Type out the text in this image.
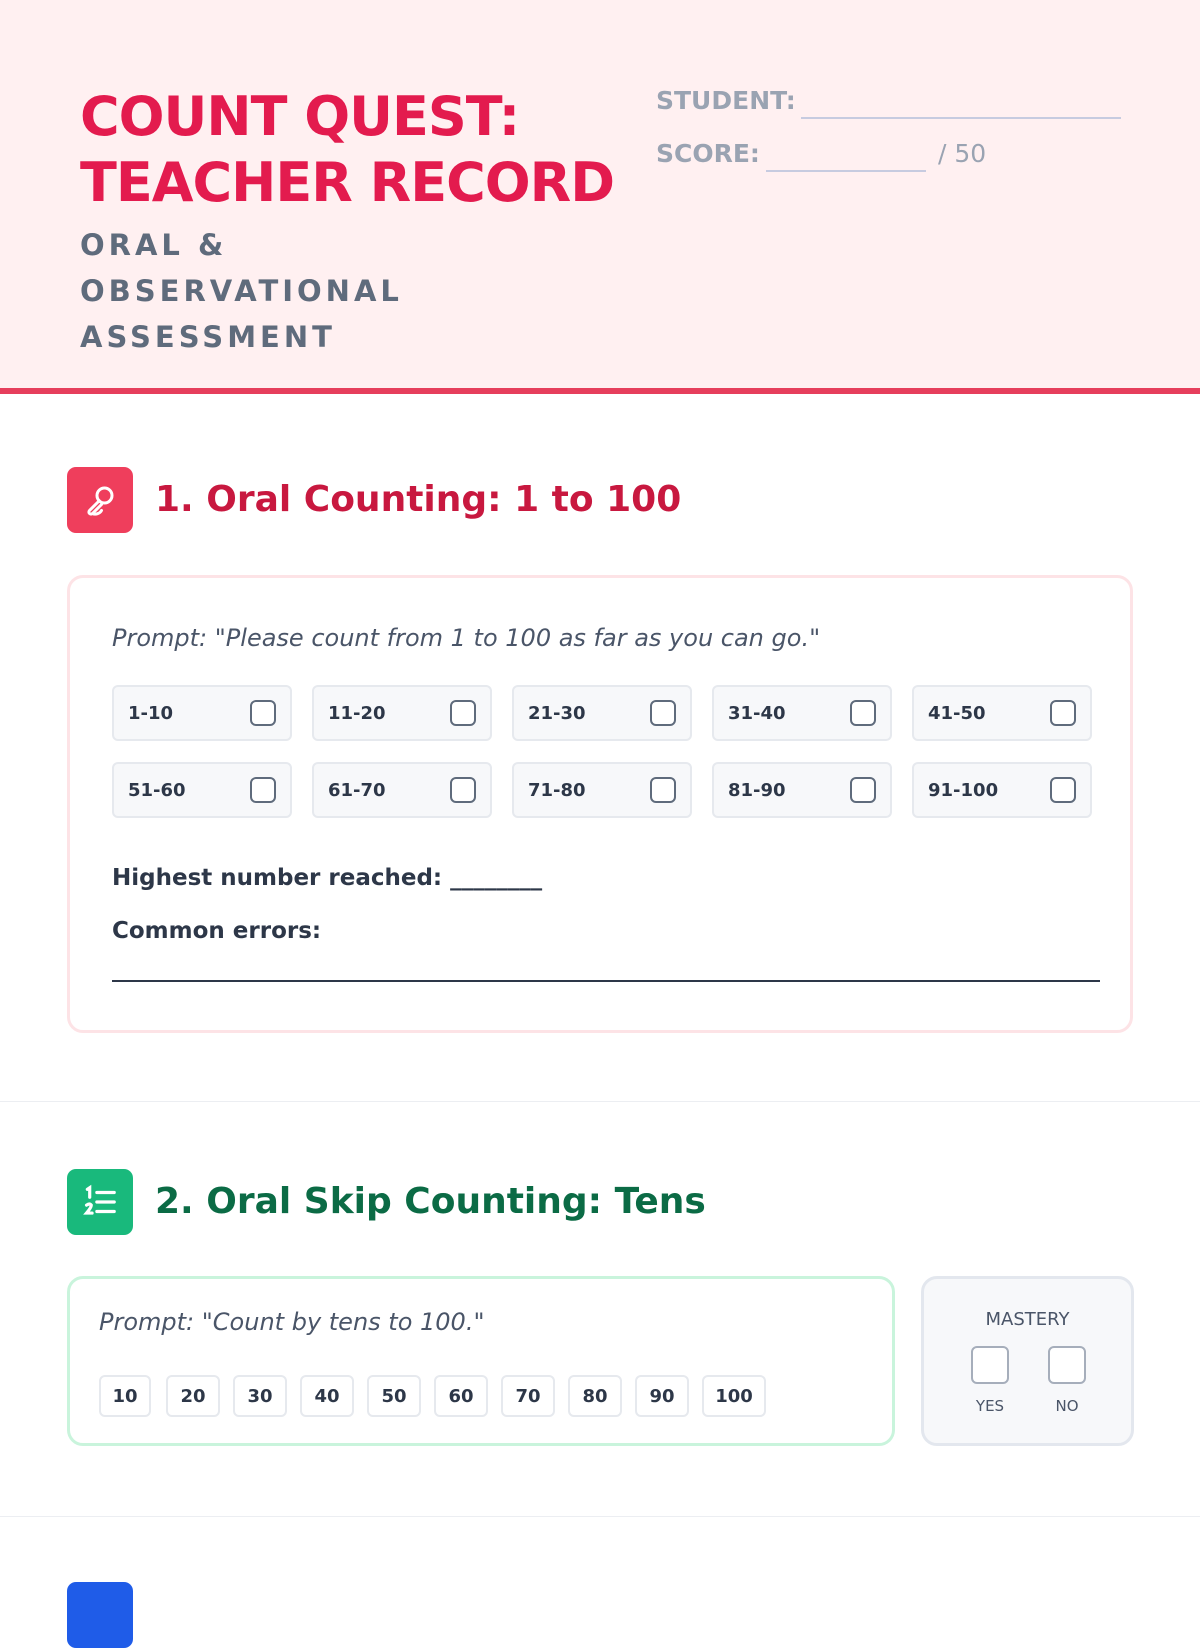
COUNT QUEST:
TEACHER RECORD
ORAL & OBSERVATIONAL
ASSESSMENT
STUDENT:
SCORE:	/ 50
1. Oral Counting: 1 to 100
Prompt: "Please count from 1 to 100 as far as you can go."
1-10	11-20	21-30	31-40	41-50
51-60	61-70	71-80	81-90	91-100
Highest number reached: ________
Common errors:
2. Oral Skip Counting: Tens
Prompt: "Count by tens to 100."
10	20	30	40	50	60	70	80	90	100
MASTERY
YES	NO
